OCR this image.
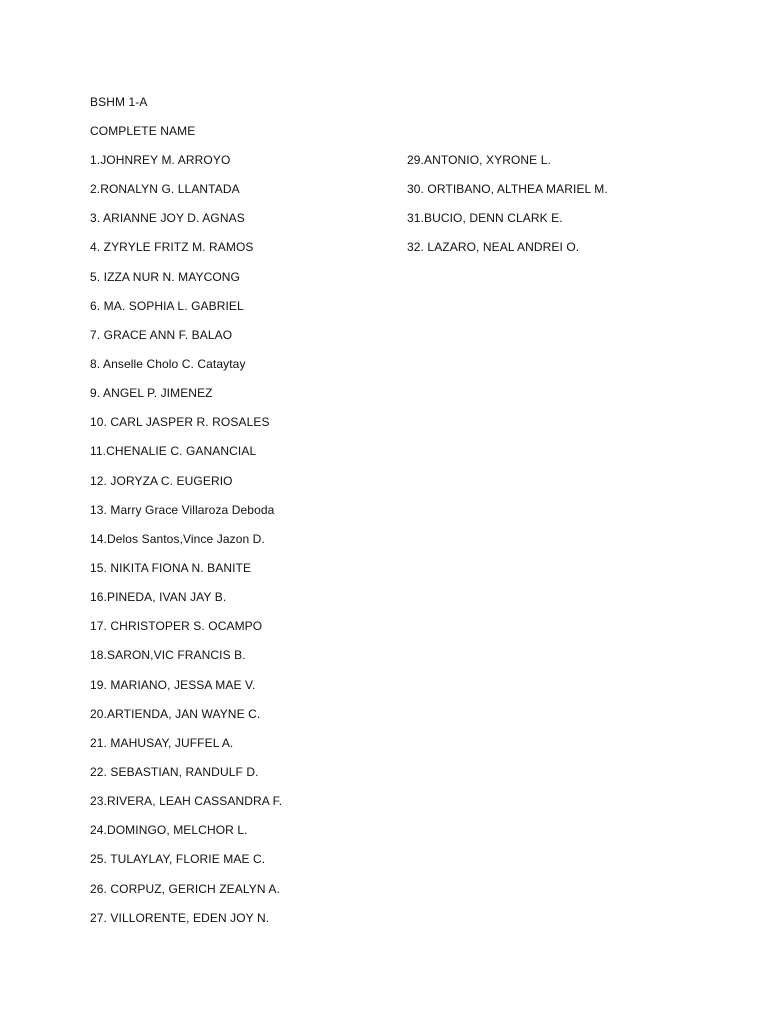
BSHM 1-A
COMPLETE NAME
1.JOHNREY M. ARROYO
2.RONALYN G. LLANTADA
3. ARIANNE JOY D. AGNAS
4. ZYRYLE FRITZ M. RAMOS
5. IZZA NUR N. MAYCONG
6. MA. SOPHIA L. GABRIEL
7. GRACE ANN F. BALAO
8. Anselle Cholo C. Cataytay
9. ANGEL P. JIMENEZ
10. CARL JASPER R. ROSALES
11.CHENALIE C. GANANCIAL
12. JORYZA C. EUGERIO
13. Marry Grace Villaroza Deboda
14.Delos Santos,Vince Jazon D.
15. NIKITA FIONA N. BANITE
16.PINEDA, IVAN JAY B.
17. CHRISTOPER S. OCAMPO
18.SARON,VIC FRANCIS B.
19. MARIANO, JESSA MAE V.
20.ARTIENDA, JAN WAYNE C.
21. MAHUSAY, JUFFEL A.
22. SEBASTIAN, RANDULF D.
23.RIVERA, LEAH CASSANDRA F.
24.DOMINGO, MELCHOR L.
25. TULAYLAY, FLORIE MAE C.
26. CORPUZ, GERICH ZEALYN A.
27. VILLORENTE, EDEN JOY N.
29.ANTONIO, XYRONE L.
30. ORTIBANO, ALTHEA MARIEL M.
31.BUCIO, DENN CLARK E.
32. LAZARO, NEAL ANDREI O.
